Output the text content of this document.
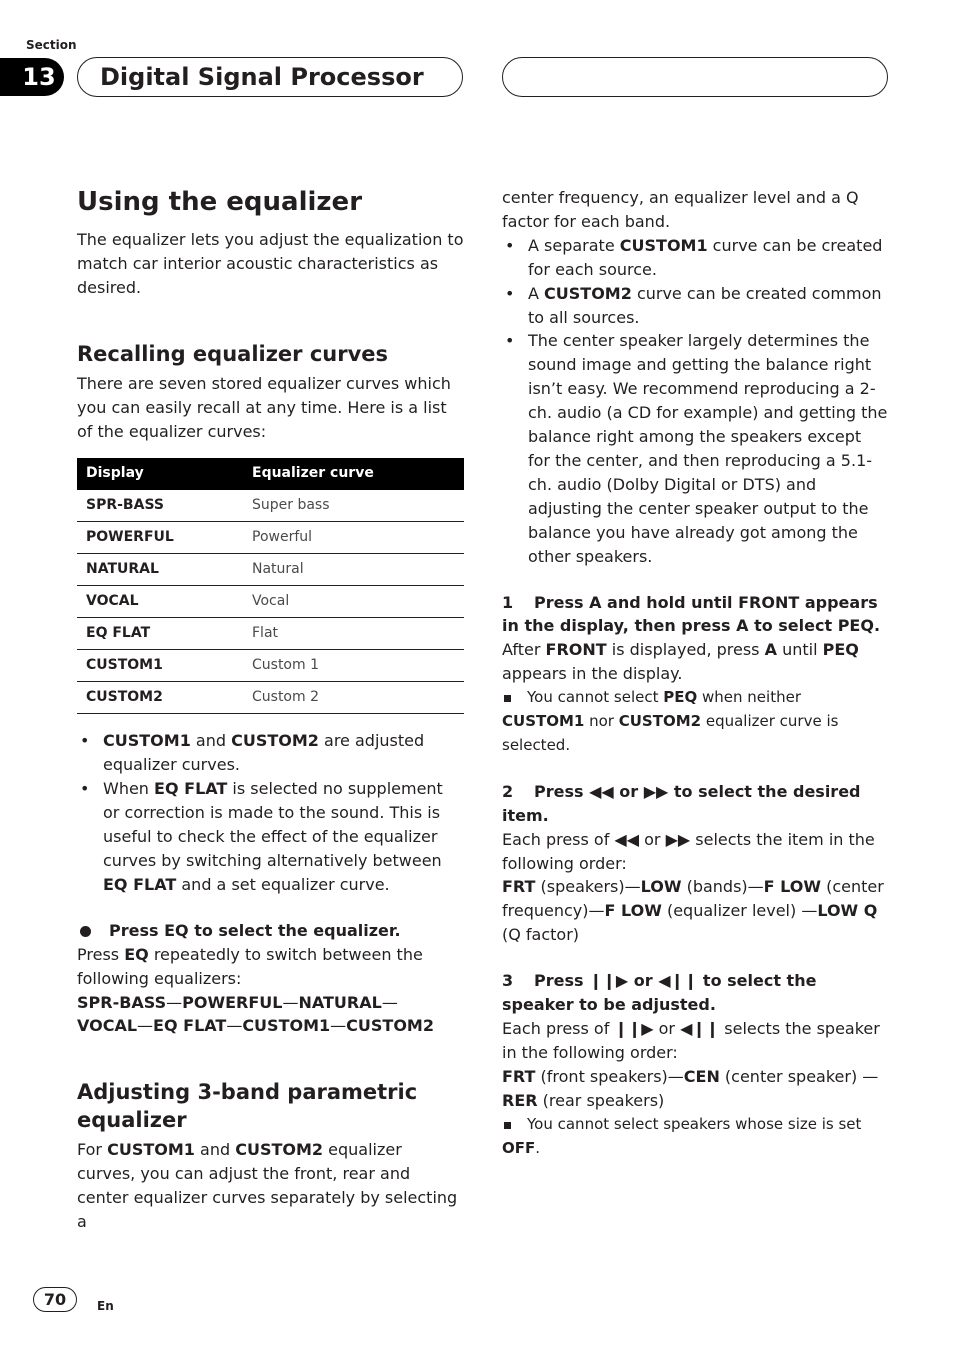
Section
13	Digital Signal Processor
Using the equalizer

The equalizer lets you adjust the equalization to match car interior acoustic characteristics as desired.

Recalling equalizer curves

There are seven stored equalizer curves which you can easily recall at any time. Here is a list of the equalizer curves:

Display	Equalizer curve
SPR-BASS	Super bass
POWERFUL	Powerful
NATURAL	Natural
VOCAL	Vocal
EQ FLAT	Flat
CUSTOM1	Custom 1
CUSTOM2	Custom 2
• CUSTOM1 and CUSTOM2 are adjusted equalizer curves.
• When EQ FLAT is selected no supplement or correction is made to the sound. This is useful to check the effect of the equalizer curves by switching alternatively between EQ FLAT and a set equalizer curve.
Press EQ to select the equalizer.

Press EQ repeatedly to switch between the following equalizers:

SPR-BASS—POWERFUL—NATURAL—
VOCAL—EQ FLAT—CUSTOM1—CUSTOM2

Adjusting 3-band parametric equalizer

For CUSTOM1 and CUSTOM2 equalizer curves, you can adjust the front, rear and center equalizer curves separately by selecting a

center frequency, an equalizer level and a Q factor for each band.

• A separate CUSTOM1 curve can be created for each source.
• A CUSTOM2 curve can be created common to all sources.
• The center speaker largely determines the sound image and getting the balance right isn’t easy. We recommend reproducing a 2-ch. audio (a CD for example) and getting the balance right among the speakers except for the center, and then reproducing a 5.1-ch. audio (Dolby Digital or DTS) and adjusting the center speaker output to the balance you have already got among the other speakers.

1 Press A and hold until FRONT appears in the display, then press A to select PEQ.

After FRONT is displayed, press A until PEQ appears in the display.

You cannot select PEQ when neither

CUSTOM1 nor CUSTOM2 equalizer curve is selected.

2 Press ◀◀ or ▶▶ to select the desired item.

Each press of ◀◀ or ▶▶ selects the item in the following order:

FRT (speakers)—LOW (bands)—F LOW (center frequency)—F LOW (equalizer level) —LOW Q (Q factor)

3 Press ❙❙▶ or ◀❙❙ to select the speaker to be adjusted.

Each press of ❙❙▶ or ◀❙❙ selects the speaker in the following order:

FRT (front speakers)—CEN (center speaker) —RER (rear speakers)

You cannot select speakers whose size is set

OFF.

70	En
